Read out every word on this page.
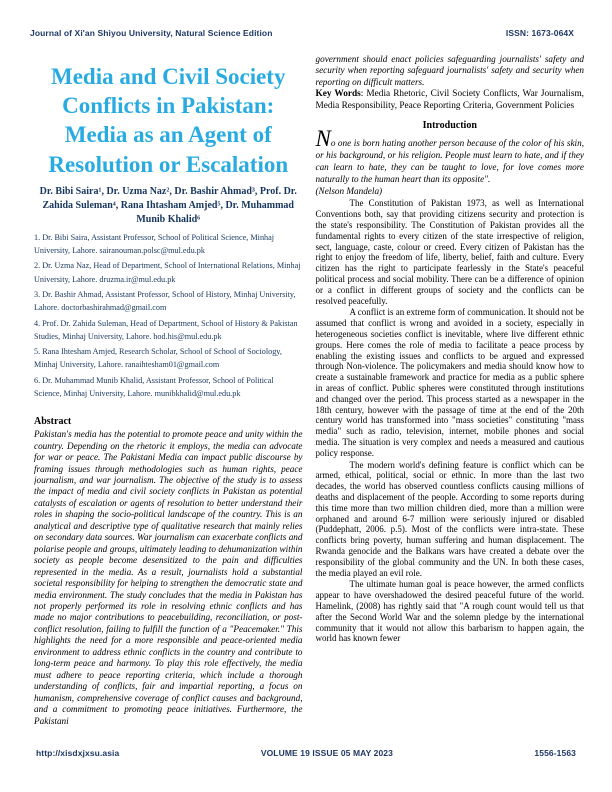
Journal of Xi'an Shiyou University, Natural Science Edition	ISSN: 1673-064X
Media and Civil Society
Conflicts in Pakistan:
Media as an Agent of
Resolution or Escalation
Dr. Bibi Saira¹, Dr. Uzma Naz², Dr. Bashir Ahmad³, Prof. Dr. Zahida Suleman⁴, Rana Ihtasham Amjed⁵, Dr. Muhammad Munib Khalid⁶
1. Dr. Bibi Saira, Assistant Professor, School of Political Science, Minhaj University, Lahore. sairanouman.polsc@mul.edu.pk
2. Dr. Uzma Naz, Head of Department, School of International Relations, Minhaj University, Lahore. druzma.ir@mul.edu.pk
3. Dr. Bashir Ahmad, Assistant Professor, School of History, Minhaj University, Lahore. doctorbashirahmad@gmail.com
4. Prof. Dr. Zahida Suleman, Head of Department, School of History & Pakistan Studies, Minhaj University, Lahore. hod.his@mul.edu.pk
5. Rana Ihtesham Amjed, Research Scholar, School of School of Sociology, Minhaj University, Lahore. ranaihtesham01@gmail.com
6. Dr. Muhammad Munib Khalid, Assistant Professor, School of Political Science, Minhaj University, Lahore. munibkhalid@mul.edu.pk
Abstract
Pakistan's media has the potential to promote peace and unity within the country. Depending on the rhetoric it employs, the media can advocate for war or peace. The Pakistani Media can impact public discourse by framing issues through methodologies such as human rights, peace journalism, and war journalism. The objective of the study is to assess the impact of media and civil society conflicts in Pakistan as potential catalysts of escalation or agents of resolution to better understand their roles in shaping the socio-political landscape of the country. This is an analytical and descriptive type of qualitative research that mainly relies on secondary data sources. War journalism can exacerbate conflicts and polarise people and groups, ultimately leading to dehumanization within society as people become desensitized to the pain and difficulties represented in the media. As a result, journalists hold a substantial societal responsibility for helping to strengthen the democratic state and media environment. The study concludes that the media in Pakistan has not properly performed its role in resolving ethnic conflicts and has made no major contributions to peacebuilding, reconciliation, or post-conflict resolution, failing to fulfill the function of a "Peacemaker." This highlights the need for a more responsible and peace-oriented media environment to address ethnic conflicts in the country and contribute to long-term peace and harmony. To play this role effectively, the media must adhere to peace reporting criteria, which include a thorough understanding of conflicts, fair and impartial reporting, a focus on humanism, comprehensive coverage of conflict causes and background, and a commitment to promoting peace initiatives. Furthermore, the Pakistani
government should enact policies safeguarding journalists' safety and security when reporting safeguard journalists' safety and security when reporting on difficult matters.

Key Words: Media Rhetoric, Civil Society Conflicts, War Journalism, Media Responsibility, Peace Reporting Criteria, Government Policies

Introduction
No one is born hating another person because of the color of his skin, or his background, or his religion. People must learn to hate, and if they can learn to hate, they can be taught to love, for love comes more naturally to the human heart than its opposite".
(Nelson Mandela)

The Constitution of Pakistan 1973, as well as International Conventions both, say that providing citizens security and protection is the state's responsibility. The Constitution of Pakistan provides all the fundamental rights to every citizen of the state irrespective of religion, sect, language, caste, colour or creed. Every citizen of Pakistan has the right to enjoy the freedom of life, liberty, belief, faith and culture. Every citizen has the right to participate fearlessly in the State's peaceful political process and social mobility. There can be a difference of opinion or a conflict in different groups of society and the conflicts can be resolved peacefully.

A conflict is an extreme form of communication. It should not be assumed that conflict is wrong and avoided in a society, especially in heterogeneous societies conflict is inevitable, where live different ethnic groups. Here comes the role of media to facilitate a peace process by enabling the existing issues and conflicts to be argued and expressed through Non-violence. The policymakers and media should know how to create a sustainable framework and practice for media as a public sphere in areas of conflict. Public spheres were constituted through institutions and changed over the period. This process started as a newspaper in the 18th century, however with the passage of time at the end of the 20th century world has transformed into "mass societies" constituting "mass media" such as radio, television, internet, mobile phones and social media. The situation is very complex and needs a measured and cautious policy response.

The modern world's defining feature is conflict which can be armed, ethical, political, social or ethnic. In more than the last two decades, the world has observed countless conflicts causing millions of deaths and displacement of the people. According to some reports during this time more than two million children died, more than a million were orphaned and around 6-7 million were seriously injured or disabled (Puddephatt, 2006. p.5). Most of the conflicts were intra-state. These conflicts bring poverty, human suffering and human displacement. The Rwanda genocide and the Balkans wars have created a debate over the responsibility of the global community and the UN. In both these cases, the media played an evil role.

The ultimate human goal is peace however, the armed conflicts appear to have overshadowed the desired peaceful future of the world. Hamelink, (2008) has rightly said that "A rough count would tell us that after the Second World War and the solemn pledge by the international community that it would not allow this barbarism to happen again, the world has known fewer

http://xisdxjxsu.asia	VOLUME 19 ISSUE 05 MAY 2023	1556-1563
